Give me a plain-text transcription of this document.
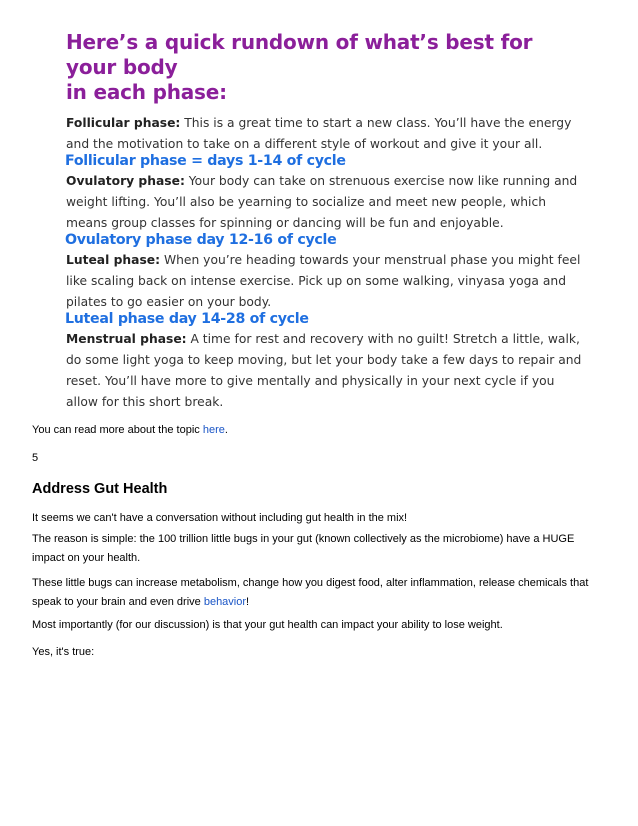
Here’s a quick rundown of what’s best for your body
in each phase:

Follicular phase: This is a great time to start a new class. You’ll have the energy and the motivation to take on a different style of workout and give it your all.

Follicular phase = days 1-14 of cycle

Ovulatory phase: Your body can take on strenuous exercise now like running and weight lifting. You’ll also be yearning to socialize and meet new people, which means group classes for spinning or dancing will be fun and enjoyable.

Ovulatory phase day 12-16 of cycle

Luteal phase: When you’re heading towards your menstrual phase you might feel like scaling back on intense exercise. Pick up on some walking, vinyasa yoga and pilates to go easier on your body.

Luteal phase day 14-28 of cycle

Menstrual phase: A time for rest and recovery with no guilt! Stretch a little, walk, do some light yoga to keep moving, but let your body take a few days to repair and reset. You’ll have more to give mentally and physically in your next cycle if you allow for this short break.

You can read more about the topic here.
5
Address Gut Health
It seems we can't have a conversation without including gut health in the mix!
The reason is simple: the 100 trillion little bugs in your gut (known collectively as the microbiome) have a HUGE impact on your health.
These little bugs can increase metabolism, change how you digest food, alter inflammation, release chemicals that speak to your brain and even drive behavior!
Most importantly (for our discussion) is that your gut health can impact your ability to lose weight.
Yes, it's true:
